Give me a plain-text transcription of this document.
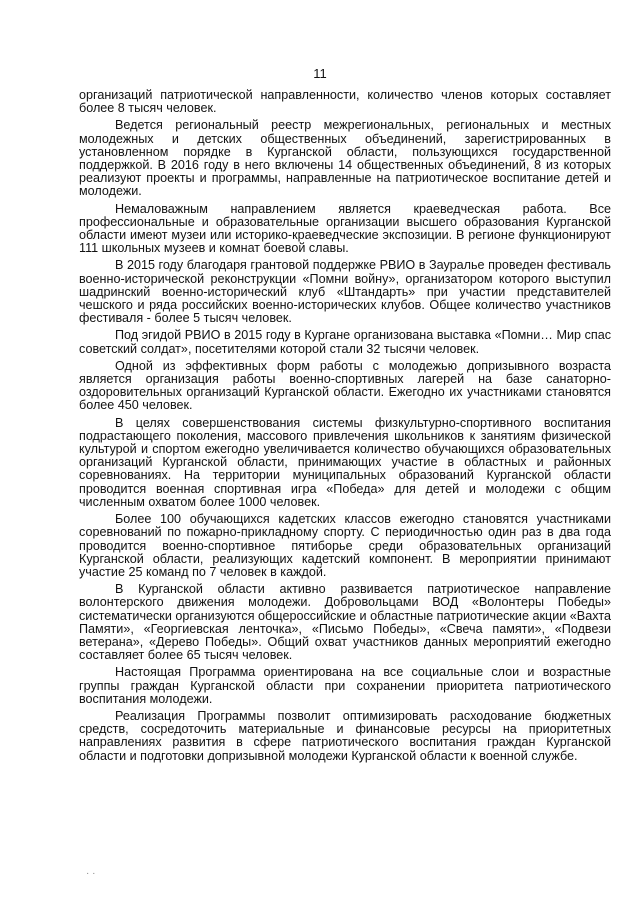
11

организаций патриотической направленности, количество членов которых составляет более 8 тысяч человек.

Ведется региональный реестр межрегиональных, региональных и местных молодежных и детских общественных объединений, зарегистрированных в установленном порядке в Курганской области, пользующихся государственной поддержкой. В 2016 году в него включены 14 общественных объединений, 8 из которых реализуют проекты и программы, направленные на патриотическое воспитание детей и молодежи.

Немаловажным направлением является краеведческая работа. Все профессиональные и образовательные организации высшего образования Курганской области имеют музеи или историко-краеведческие экспозиции. В регионе функционируют 111 школьных музеев и комнат боевой славы.

В 2015 году благодаря грантовой поддержке РВИО в Зауралье проведен фестиваль военно-исторической реконструкции «Помни войну», организатором которого выступил шадринский военно-исторический клуб «Штандарть» при участии представителей чешского и ряда российских военно-исторических клубов. Общее количество участников фестиваля - более 5 тысяч человек.

Под эгидой РВИО в 2015 году в Кургане организована выставка «Помни… Мир спас советский солдат», посетителями которой стали 32 тысячи человек.

Одной из эффективных форм работы с молодежью допризывного возраста является организация работы военно-спортивных лагерей на базе санаторно-оздоровительных организаций Курганской области. Ежегодно их участниками становятся более 450 человек.

В целях совершенствования системы физкультурно-спортивного воспитания подрастающего поколения, массового привлечения школьников к занятиям физической культурой и спортом ежегодно увеличивается количество обучающихся образовательных организаций Курганской области, принимающих участие в областных и районных соревнованиях. На территории муниципальных образований Курганской области проводится военная спортивная игра «Победа» для детей и молодежи с общим численным охватом более 1000 человек.

Более 100 обучающихся кадетских классов ежегодно становятся участниками соревнований по пожарно-прикладному спорту. С периодичностью один раз в два года проводится военно-спортивное пятиборье среди образовательных организаций Курганской области, реализующих кадетский компонент. В мероприятии принимают участие 25 команд по 7 человек в каждой.

В Курганской области активно развивается патриотическое направление волонтерского движения молодежи. Добровольцами ВОД «Волонтеры Победы» систематически организуются общероссийские и областные патриотические акции «Вахта Памяти», «Георгиевская ленточка», «Письмо Победы», «Свеча памяти», «Подвези ветерана», «Дерево Победы». Общий охват участников данных мероприятий ежегодно составляет более 65 тысяч человек.

Настоящая Программа ориентирована на все социальные слои и возрастные группы граждан Курганской области при сохранении приоритета патриотического воспитания молодежи.

Реализация Программы позволит оптимизировать расходование бюджетных средств, сосредоточить материальные и финансовые ресурсы на приоритетных направлениях развития в сфере патриотического воспитания граждан Курганской области и подготовки допризывной молодежи Курганской области к военной службе.

· ·
